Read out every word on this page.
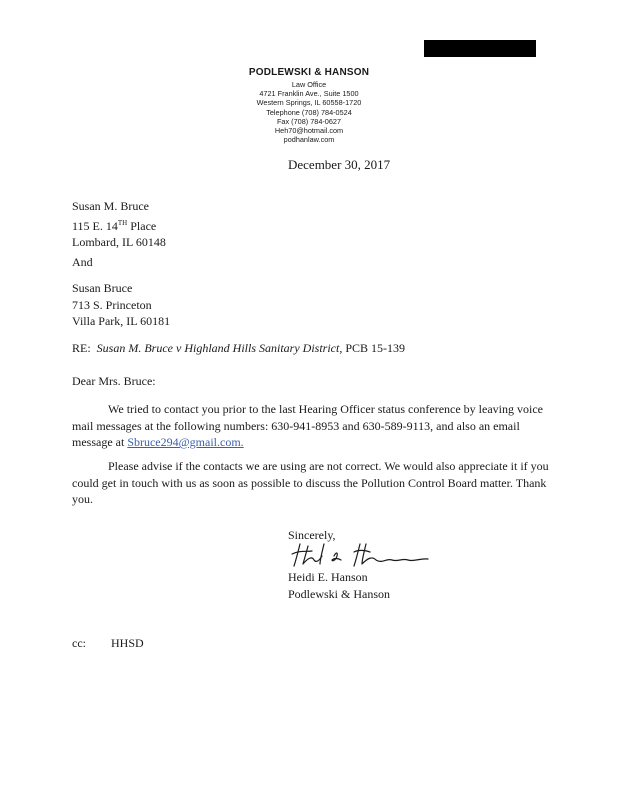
PODLEWSKI & HANSON
Law Office
4721 Franklin Ave., Suite 1500
Western Springs, IL 60558-1720
Telephone (708) 784-0524
Fax (708) 784-0627
Heh70@hotmail.com
podhanlaw.com
December 30, 2017

Susan M. Bruce

115 E. 14TH Place

Lombard, IL 60148

And

Susan Bruce

713 S. Princeton

Villa Park, IL 60181

RE: Susan M. Bruce v Highland Hills Sanitary District, PCB 15-139
Dear Mrs. Bruce:

We tried to contact you prior to the last Hearing Officer status conference by leaving voice mail messages at the following numbers: 630-941-8953 and 630-589-9113, and also an email message at Sbruce294@gmail.com.

Please advise if the contacts we are using are not correct. We would also appreciate it if you could get in touch with us as soon as possible to discuss the Pollution Control Board matter. Thank you.

Sincerely,

Heidi E. Hanson

Podlewski & Hanson

cc: HHSD
